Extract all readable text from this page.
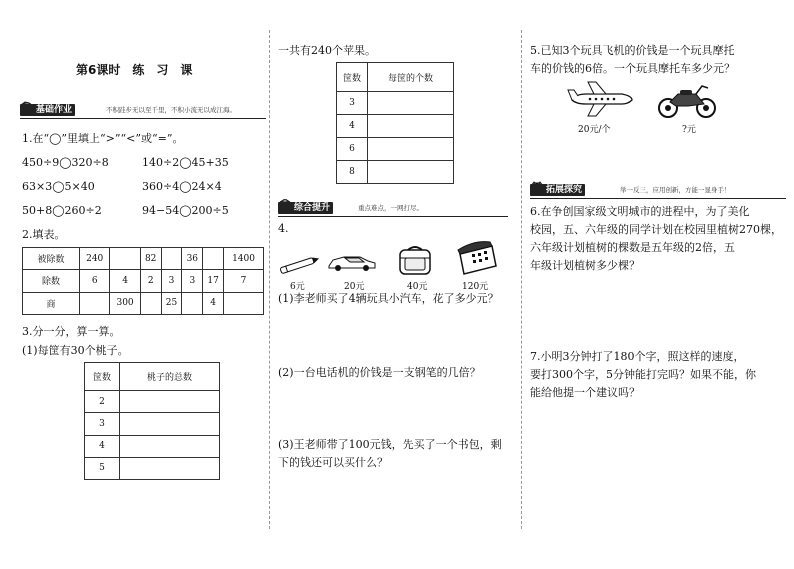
第6课时　练　习　课
基础作业	不积跬步无以至千里，不积小流无以成江海。
1.在“◯”里填上“>”“<”或“=”。
450÷9◯320÷8	140÷2◯45+35
63×3◯5×40	360÷4◯24×4
50+8◯260÷2	94−54◯200÷5
2.填表。
被除数	240		82		36		1400
除数	6	4	2	3	3	17	7
商		300		25		4	
3.分一分，算一算。
(1)每筐有30个桃子。
筐数	桃子的总数
2	
3	
4	
5	
一共有240个苹果。
筐数	每筐的个数
3	
4	
6	
8	
综合提升	重点难点，一网打尽。
4.
6元	20元	40元	120元
(1)李老师买了4辆玩具小汽车，花了多少元？
(2)一台电话机的价钱是一支钢笔的几倍？
(3)王老师带了100元钱，先买了一个书包，剩
下的钱还可以买什么？
5.已知3个玩具飞机的价钱是一个玩具摩托
车的价钱的6倍。一个玩具摩托车多少元？
20元/个	?元
拓展探究	举一反三，应用创新，方能一显身手！
6.在争创国家级文明城市的进程中，为了美化
校园，五、六年级的同学计划在校园里植树270棵，
六年级计划植树的棵数是五年级的2倍，五
年级计划植树多少棵？
7.小明3分钟打了180个字，照这样的速度，
要打300个字，5分钟能打完吗？如果不能，你
能给他提一个建议吗？
